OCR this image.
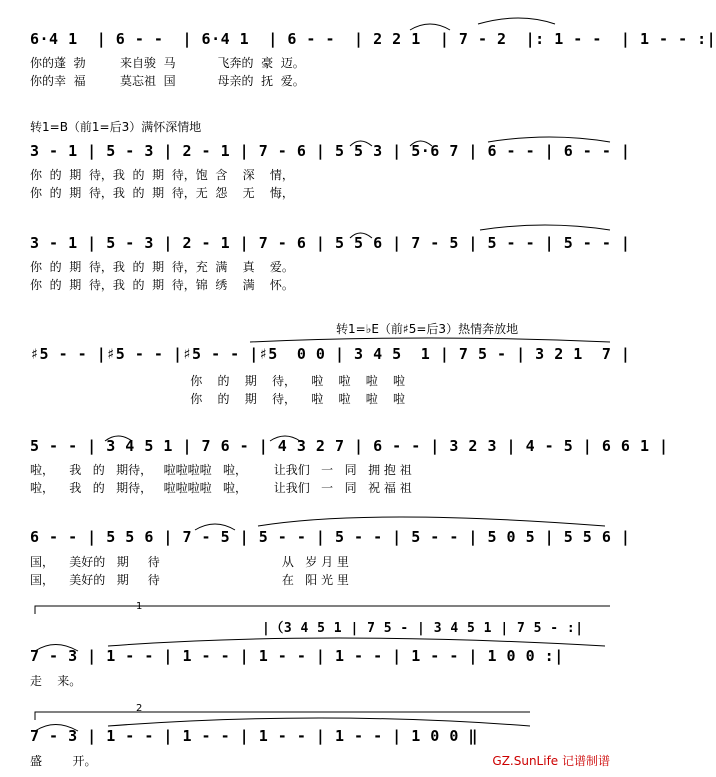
6·4 1  | 6 - -  | 6·4 1  | 6 - -  | 2 2 1  | 7 - 2  |: 1 - -  | 1 - - :|
你的蓬  勃         来自骏  马           飞奔的  豪  迈。
你的幸  福         莫忘祖  国           母亲的  抚  爱。
转1=B（前1=后3）满怀深情地
3 - 1 | 5 - 3 | 2 - 1 | 7 - 6 | 5 5 3 | 5·6 7 | 6 - - | 6 - - |
你  的  期  待，我  的  期  待，饱  含    深    情，
你  的  期  待，我  的  期  待，无  怨    无    悔，
3 - 1 | 5 - 3 | 2 - 1 | 7 - 6 | 5 5 6 | 7 - 5 | 5 - - | 5 - - |
你  的  期  待，我  的  期  待，充  满    真    爱。
你  的  期  待，我  的  期  待，锦  绣    满    怀。
转1=♭E（前♯5=后3）热情奔放地
♯5 - - |♯5 - - |♯5 - - |♯5  0 0 | 3 4 5  1 | 7 5 - | 3 2 1  7 |
你    的    期    待，    啦    啦    啦    啦
你    的    期    待，    啦    啦    啦    啦
5 - - | 3 4 5 1 | 7 6 - | 4 3 2 7 | 6 - - | 3 2 3 | 4 - 5 | 6 6 1 |
啦，    我   的   期待，   啦啦啦啦   啦，       让我们   一   同   拥 抱 祖
啦，    我   的   期待，   啦啦啦啦   啦，       让我们   一   同   祝 福 祖
6 - - | 5 5 6 | 7 - 5 | 5 - - | 5 - - | 5 - - | 5 0 5 | 5 5 6 |
国，    美好的   期     待                                从   岁 月 里
国，    美好的   期     待                                在   阳 光 里
1
|（3 4 5 1 | 7 5 - | 3 4 5 1 | 7 5 - :|
7 - 3 | 1 - - | 1 - - | 1 - - | 1 - - | 1 - - | 1 0 0 :|
走    来。
2
7 - 3 | 1 - - | 1 - - | 1 - - | 1 - - | 1 0 0 ‖
盛        开。	GZ.SunLife 记谱制谱
